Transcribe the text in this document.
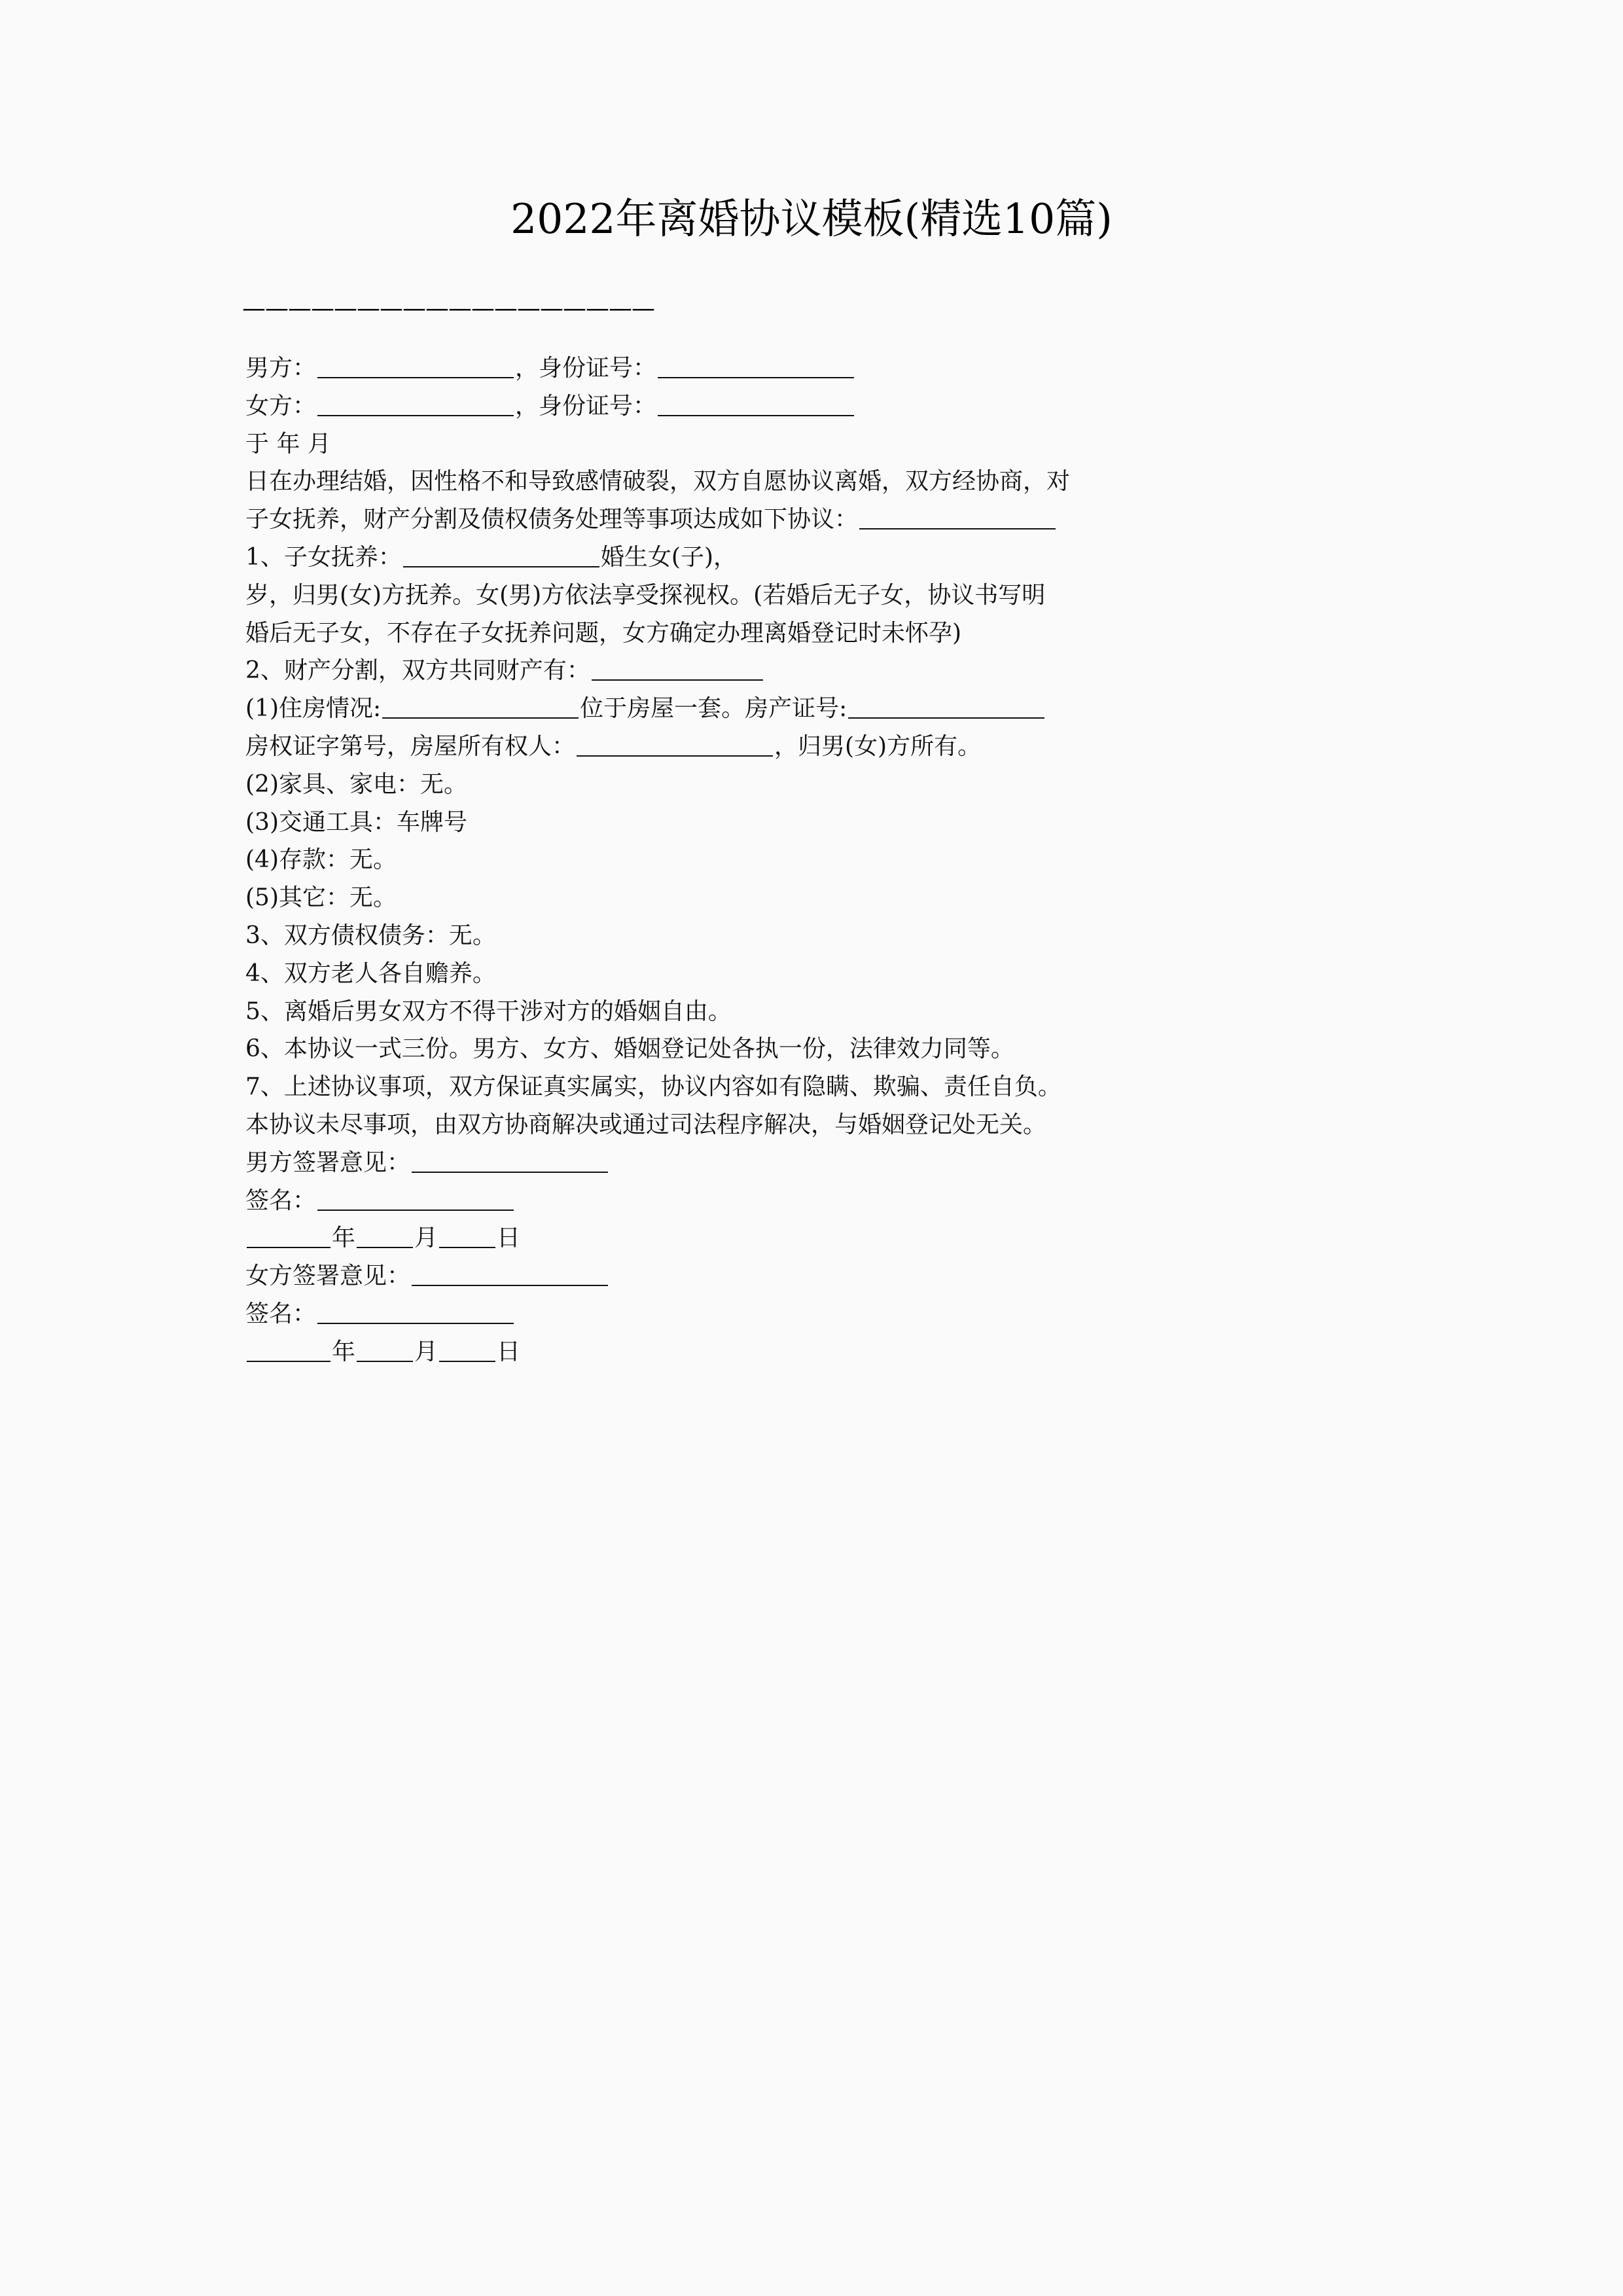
2022年离婚协议模板(精选10篇)
——————————————————
男方：	，身份证号：
女方：	，身份证号：
于 年 月
日在办理结婚，因性格不和导致感情破裂，双方自愿协议离婚，双方经协商，对
子女抚养，财产分割及债权债务处理等事项达成如下协议：
1、子女抚养：	婚生女(子)，
岁，归男(女)方抚养。女(男)方依法享受探视权。(若婚后无子女，协议书写明
婚后无子女，不存在子女抚养问题，女方确定办理离婚登记时未怀孕)
2、财产分割，双方共同财产有：
(1)住房情况:	位于房屋一套。房产证号:
房权证字第号，房屋所有权人：	，归男(女)方所有。
(2)家具、家电：无。
(3)交通工具：车牌号
(4)存款：无。
(5)其它：无。
3、双方债权债务：无。
4、双方老人各自赡养。
5、离婚后男女双方不得干涉对方的婚姻自由。
6、本协议一式三份。男方、女方、婚姻登记处各执一份，法律效力同等。
7、上述协议事项，双方保证真实属实，协议内容如有隐瞒、欺骗、责任自负。
本协议未尽事项，由双方协商解决或通过司法程序解决，与婚姻登记处无关。
男方签署意见：
签名：
年	月	日
女方签署意见：
签名：
年	月	日
